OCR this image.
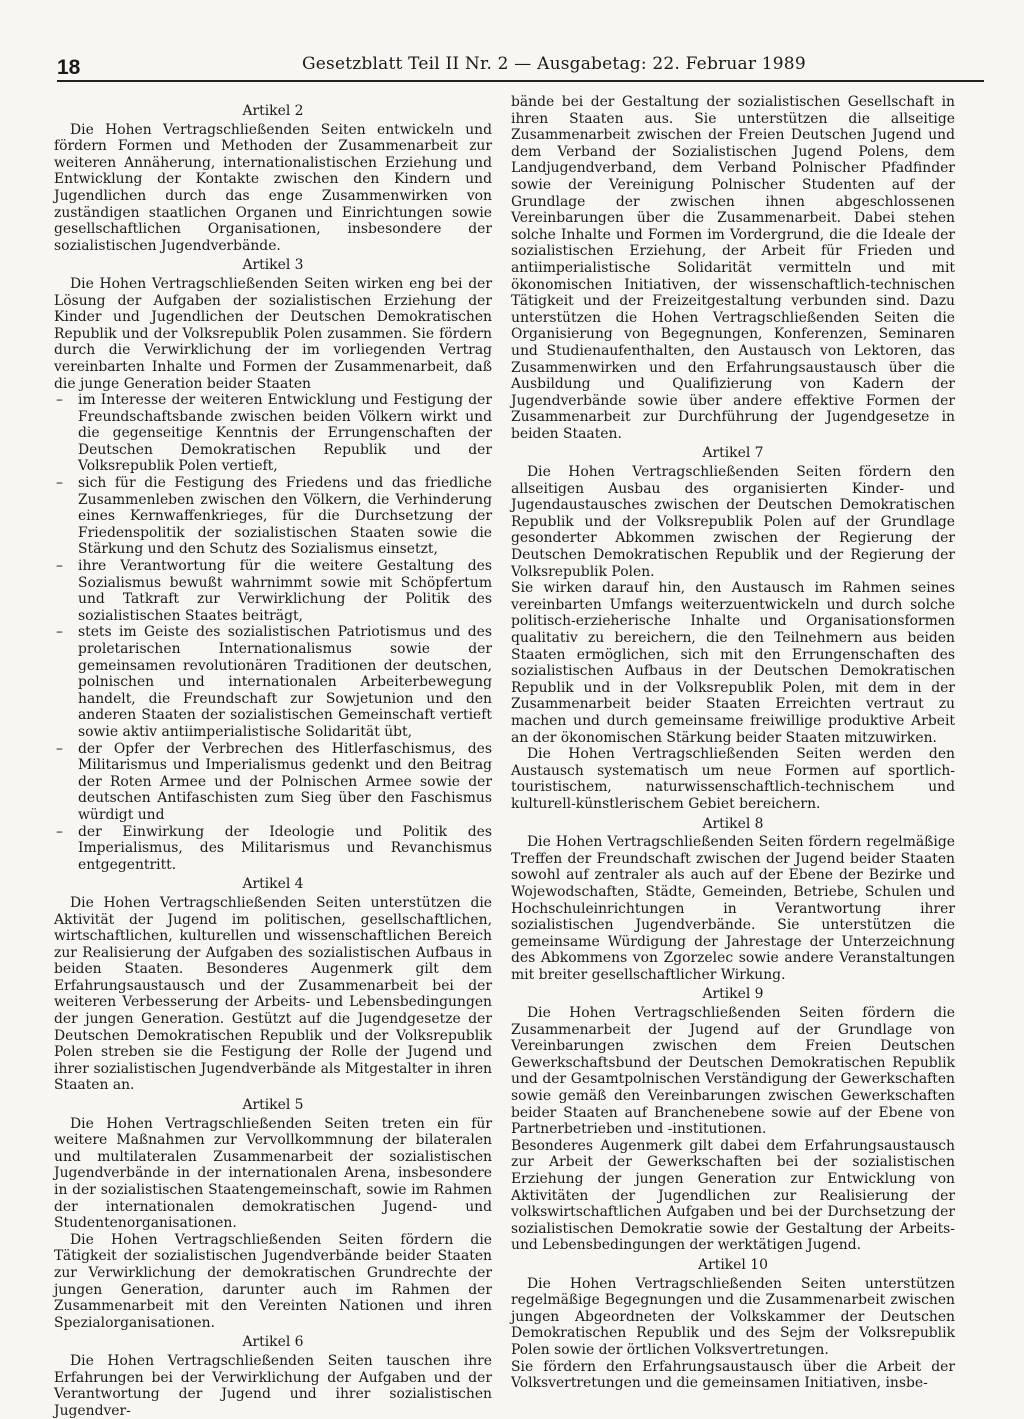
18	Gesetzblatt Teil II Nr. 2 — Ausgabetag: 22. Februar 1989
Artikel 2

Die Hohen Vertragschließenden Seiten entwickeln und fördern Formen und Methoden der Zusammenarbeit zur weiteren Annäherung, internationalistischen Erziehung und Entwicklung der Kontakte zwischen den Kindern und Jugendlichen durch das enge Zusammenwirken von zuständigen staatlichen Organen und Einrichtungen sowie gesellschaftlichen Organisationen, insbesondere der sozialistischen Jugendverbände.

Artikel 3

Die Hohen Vertragschließenden Seiten wirken eng bei der Lösung der Aufgaben der sozialistischen Erziehung der Kinder und Jugendlichen der Deutschen Demokratischen Republik und der Volksrepublik Polen zusammen. Sie fördern durch die Verwirklichung der im vorliegenden Vertrag vereinbarten Inhalte und Formen der Zusammenarbeit, daß die junge Generation beider Staaten

– im Interesse der weiteren Entwicklung und Festigung der Freundschaftsbande zwischen beiden Völkern wirkt und die gegenseitige Kenntnis der Errungenschaften der Deutschen Demokratischen Republik und der Volksrepublik Polen vertieft,
– sich für die Festigung des Friedens und das friedliche Zusammenleben zwischen den Völkern, die Verhinderung eines Kernwaffenkrieges, für die Durchsetzung der Friedenspolitik der sozialistischen Staaten sowie die Stärkung und den Schutz des Sozialismus einsetzt,
– ihre Verantwortung für die weitere Gestaltung des Sozialismus bewußt wahrnimmt sowie mit Schöpfertum und Tatkraft zur Verwirklichung der Politik des sozialistischen Staates beiträgt,
– stets im Geiste des sozialistischen Patriotismus und des proletarischen Internationalismus sowie der gemeinsamen revolutionären Traditionen der deutschen, polnischen und internationalen Arbeiterbewegung handelt, die Freundschaft zur Sowjetunion und den anderen Staaten der sozialistischen Gemeinschaft vertieft sowie aktiv antiimperialistische Solidarität übt,
– der Opfer der Verbrechen des Hitlerfaschismus, des Militarismus und Imperialismus gedenkt und den Beitrag der Roten Armee und der Polnischen Armee sowie der deutschen Antifaschisten zum Sieg über den Faschismus würdigt und
– der Einwirkung der Ideologie und Politik des Imperialismus, des Militarismus und Revanchismus entgegentritt.
Artikel 4

Die Hohen Vertragschließenden Seiten unterstützen die Aktivität der Jugend im politischen, gesellschaftlichen, wirtschaftlichen, kulturellen und wissenschaftlichen Bereich zur Realisierung der Aufgaben des sozialistischen Aufbaus in beiden Staaten. Besonderes Augenmerk gilt dem Erfahrungsaustausch und der Zusammenarbeit bei der weiteren Verbesserung der Arbeits- und Lebensbedingungen der jungen Generation. Gestützt auf die Jugendgesetze der Deutschen Demokratischen Republik und der Volksrepublik Polen streben sie die Festigung der Rolle der Jugend und ihrer sozialistischen Jugendverbände als Mitgestalter in ihren Staaten an.

Artikel 5

Die Hohen Vertragschließenden Seiten treten ein für weitere Maßnahmen zur Vervollkommnung der bilateralen und multilateralen Zusammenarbeit der sozialistischen Jugendverbände in der internationalen Arena, insbesondere in der sozialistischen Staatengemeinschaft, sowie im Rahmen der internationalen demokratischen Jugend- und Studentenorganisationen.

Die Hohen Vertragschließenden Seiten fördern die Tätigkeit der sozialistischen Jugendverbände beider Staaten zur Verwirklichung der demokratischen Grundrechte der jungen Generation, darunter auch im Rahmen der Zusammenarbeit mit den Vereinten Nationen und ihren Spezialorganisationen.

Artikel 6

Die Hohen Vertragschließenden Seiten tauschen ihre Erfahrungen bei der Verwirklichung der Aufgaben und der Verantwortung der Jugend und ihrer sozialistischen Jugendver-

bände bei der Gestaltung der sozialistischen Gesellschaft in ihren Staaten aus. Sie unterstützen die allseitige Zusammenarbeit zwischen der Freien Deutschen Jugend und dem Verband der Sozialistischen Jugend Polens, dem Landjugendverband, dem Verband Polnischer Pfadfinder sowie der Vereinigung Polnischer Studenten auf der Grundlage der zwischen ihnen abgeschlossenen Vereinbarungen über die Zusammenarbeit. Dabei stehen solche Inhalte und Formen im Vordergrund, die die Ideale der sozialistischen Erziehung, der Arbeit für Frieden und antiimperialistische Solidarität vermitteln und mit ökonomischen Initiativen, der wissenschaftlich-technischen Tätigkeit und der Freizeitgestaltung verbunden sind. Dazu unterstützen die Hohen Vertragschließenden Seiten die Organisierung von Begegnungen, Konferenzen, Seminaren und Studienaufenthalten, den Austausch von Lektoren, das Zusammenwirken und den Erfahrungsaustausch über die Ausbildung und Qualifizierung von Kadern der Jugendverbände sowie über andere effektive Formen der Zusammenarbeit zur Durchführung der Jugendgesetze in beiden Staaten.

Artikel 7

Die Hohen Vertragschließenden Seiten fördern den allseitigen Ausbau des organisierten Kinder- und Jugendaustausches zwischen der Deutschen Demokratischen Republik und der Volksrepublik Polen auf der Grundlage gesonderter Abkommen zwischen der Regierung der Deutschen Demokratischen Republik und der Regierung der Volksrepublik Polen.

Sie wirken darauf hin, den Austausch im Rahmen seines vereinbarten Umfangs weiterzuentwickeln und durch solche politisch-erzieherische Inhalte und Organisationsformen qualitativ zu bereichern, die den Teilnehmern aus beiden Staaten ermöglichen, sich mit den Errungenschaften des sozialistischen Aufbaus in der Deutschen Demokratischen Republik und in der Volksrepublik Polen, mit dem in der Zusammenarbeit beider Staaten Erreichten vertraut zu machen und durch gemeinsame freiwillige produktive Arbeit an der ökonomischen Stärkung beider Staaten mitzuwirken.

Die Hohen Vertragschließenden Seiten werden den Austausch systematisch um neue Formen auf sportlich-touristischem, naturwissenschaftlich-technischem und kulturell-künstlerischem Gebiet bereichern.

Artikel 8

Die Hohen Vertragschließenden Seiten fördern regelmäßige Treffen der Freundschaft zwischen der Jugend beider Staaten sowohl auf zentraler als auch auf der Ebene der Bezirke und Wojewodschaften, Städte, Gemeinden, Betriebe, Schulen und Hochschuleinrichtungen in Verantwortung ihrer sozialistischen Jugendverbände. Sie unterstützen die gemeinsame Würdigung der Jahrestage der Unterzeichnung des Abkommens von Zgorzelec sowie andere Veranstaltungen mit breiter gesellschaftlicher Wirkung.

Artikel 9

Die Hohen Vertragschließenden Seiten fördern die Zusammenarbeit der Jugend auf der Grundlage von Vereinbarungen zwischen dem Freien Deutschen Gewerkschaftsbund der Deutschen Demokratischen Republik und der Gesamtpolnischen Verständigung der Gewerkschaften sowie gemäß den Vereinbarungen zwischen Gewerkschaften beider Staaten auf Branchenebene sowie auf der Ebene von Partnerbetrieben und -institutionen.

Besonderes Augenmerk gilt dabei dem Erfahrungsaustausch zur Arbeit der Gewerkschaften bei der sozialistischen Erziehung der jungen Generation zur Entwicklung von Aktivitäten der Jugendlichen zur Realisierung der volkswirtschaftlichen Aufgaben und bei der Durchsetzung der sozialistischen Demokratie sowie der Gestaltung der Arbeits- und Lebensbedingungen der werktätigen Jugend.

Artikel 10

Die Hohen Vertragschließenden Seiten unterstützen regelmäßige Begegnungen und die Zusammenarbeit zwischen jungen Abgeordneten der Volkskammer der Deutschen Demokratischen Republik und des Sejm der Volksrepublik Polen sowie der örtlichen Volksvertretungen.

Sie fördern den Erfahrungsaustausch über die Arbeit der Volksvertretungen und die gemeinsamen Initiativen, insbe-
